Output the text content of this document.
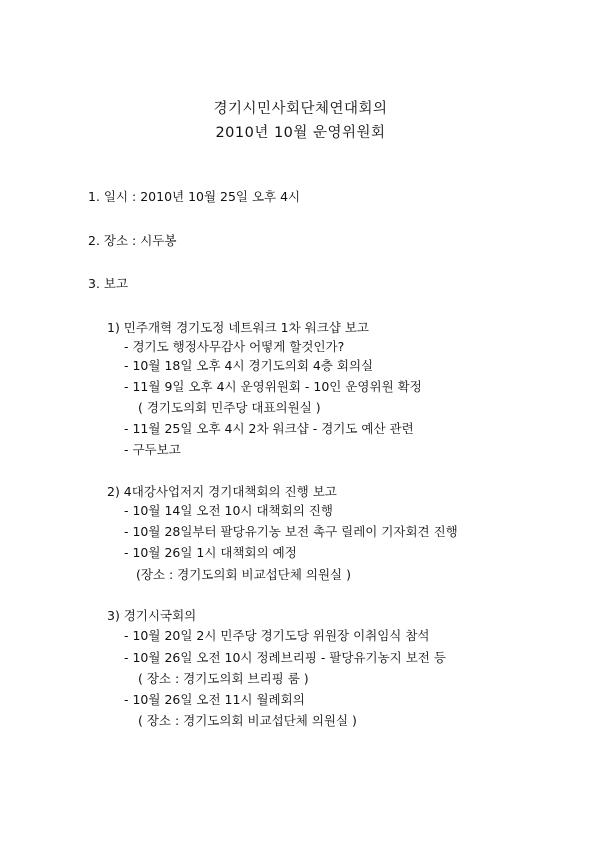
경기시민사회단체연대회의
2010년 10월 운영위원회
1. 일시 : 2010년 10월 25일 오후 4시
2. 장소 : 시두봉
3. 보고
1) 민주개혁 경기도정 네트워크 1차 워크샵 보고
- 경기도 행정사무감사 어떻게 할것인가?
- 10월 18일 오후 4시 경기도의회 4층 회의실
- 11월 9일 오후 4시 운영위원회 - 10인 운영위원 확정
( 경기도의회 민주당 대표의원실 )
- 11월 25일 오후 4시 2차 워크샵 - 경기도 예산 관련
- 구두보고
2) 4대강사업저지 경기대책회의 진행 보고
- 10월 14일 오전 10시 대책회의 진행
- 10월 28일부터 팔당유기농 보전 촉구 릴레이 기자회견 진행
- 10월 26일 1시 대책회의 예정
(장소 : 경기도의회 비교섭단체 의원실 )
3) 경기시국회의
- 10월 20일 2시 민주당 경기도당 위원장 이취임식 참석
- 10월 26일 오전 10시 정례브리핑 - 팔당유기농지 보전 등
( 장소 : 경기도의회 브리핑 룸 )
- 10월 26일 오전 11시 월례회의
( 장소 : 경기도의회 비교섭단체 의원실 )
